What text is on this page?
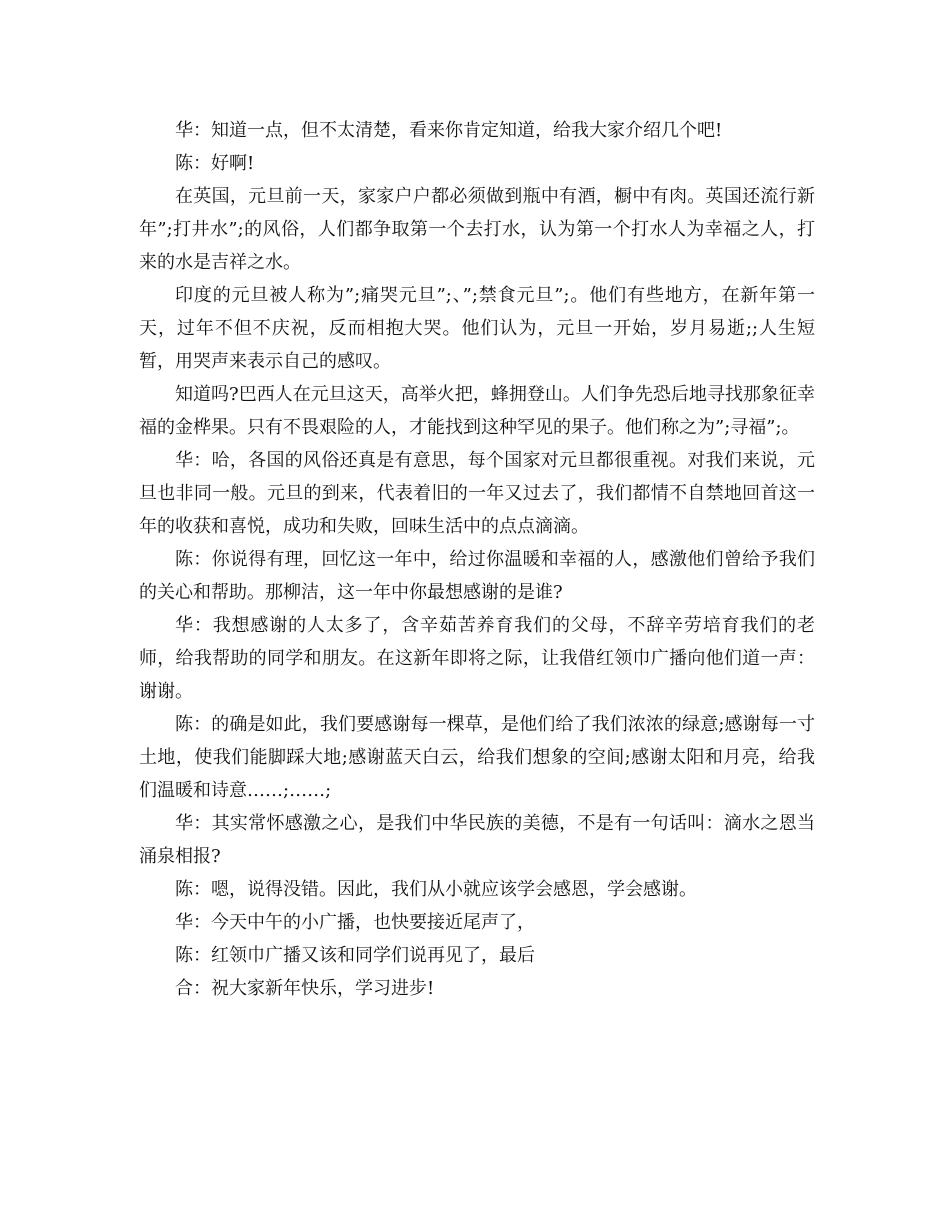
华：知道一点，但不太清楚，看来你肯定知道，给我大家介绍几个吧!

陈：好啊!

在英国，元旦前一天，家家户户都必须做到瓶中有酒，橱中有肉。英国还流行新年”;打井水”;的风俗，人们都争取第一个去打水，认为第一个打水人为幸福之人，打来的水是吉祥之水。

印度的元旦被人称为”;痛哭元旦”;、”;禁食元旦”;。他们有些地方，在新年第一天，过年不但不庆祝，反而相抱大哭。他们认为，元旦一开始，岁月易逝;;人生短暂，用哭声来表示自己的感叹。

知道吗?巴西人在元旦这天，高举火把，蜂拥登山。人们争先恐后地寻找那象征幸福的金桦果。只有不畏艰险的人，才能找到这种罕见的果子。他们称之为”;寻福”;。

华：哈，各国的风俗还真是有意思，每个国家对元旦都很重视。对我们来说，元旦也非同一般。元旦的到来，代表着旧的一年又过去了，我们都情不自禁地回首这一年的收获和喜悦，成功和失败，回味生活中的点点滴滴。

陈：你说得有理，回忆这一年中，给过你温暖和幸福的人，感激他们曾给予我们的关心和帮助。那柳洁，这一年中你最想感谢的是谁?

华：我想感谢的人太多了，含辛茹苦养育我们的父母，不辞辛劳培育我们的老师，给我帮助的同学和朋友。在这新年即将之际，让我借红领巾广播向他们道一声：谢谢。

陈：的确是如此，我们要感谢每一棵草，是他们给了我们浓浓的绿意;感谢每一寸土地，使我们能脚踩大地;感谢蓝天白云，给我们想象的空间;感谢太阳和月亮，给我们温暖和诗意……;……;

华：其实常怀感激之心，是我们中华民族的美德，不是有一句话叫：滴水之恩当涌泉相报?

陈：嗯，说得没错。因此，我们从小就应该学会感恩，学会感谢。

华：今天中午的小广播，也快要接近尾声了，

陈：红领巾广播又该和同学们说再见了，最后

合：祝大家新年快乐，学习进步!
